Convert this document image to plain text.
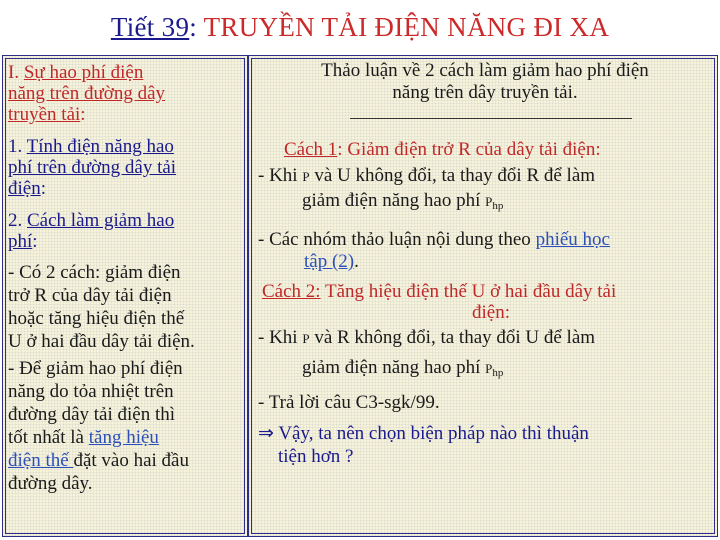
Tiết 39: TRUYỀN TẢI ĐIỆN NĂNG ĐI XA
I. Sự hao phí điện
năng trên đường dây
truyền tải:
1. Tính điện năng hao
phí trên đường dây tải
điện:
2. Cách làm giảm hao
phí:
- Có 2 cách: giảm điện
trở R của dây tải điện
hoặc tăng hiệu điện thế
U ở hai đầu dây tải điện.
- Để giảm hao phí điện
năng do tỏa nhiệt trên
đường dây tải điện thì
tốt nhất là tăng hiệu
điện thế đặt vào hai đầu
đường dây.
Thảo luận về 2 cách làm giảm hao phí điện
năng trên dây truyền tải.
Cách 1: Giảm điện trở R của dây tải điện:
- Khi P và U không đổi, ta thay đổi R để làm
giảm điện năng hao phí $P_{hp}$
- Các nhóm thảo luận nội dung theo phiếu học
tập (2).
Cách 2: Tăng hiệu điện thế U ở hai đầu dây tải
điện:
- Khi P và R không đổi, ta thay đổi U để làm
giảm điện năng hao phí $P_{hp}$
- Trả lời câu C3-sgk/99.
⇒ Vậy, ta nên chọn biện pháp nào thì thuận
tiện hơn ?
